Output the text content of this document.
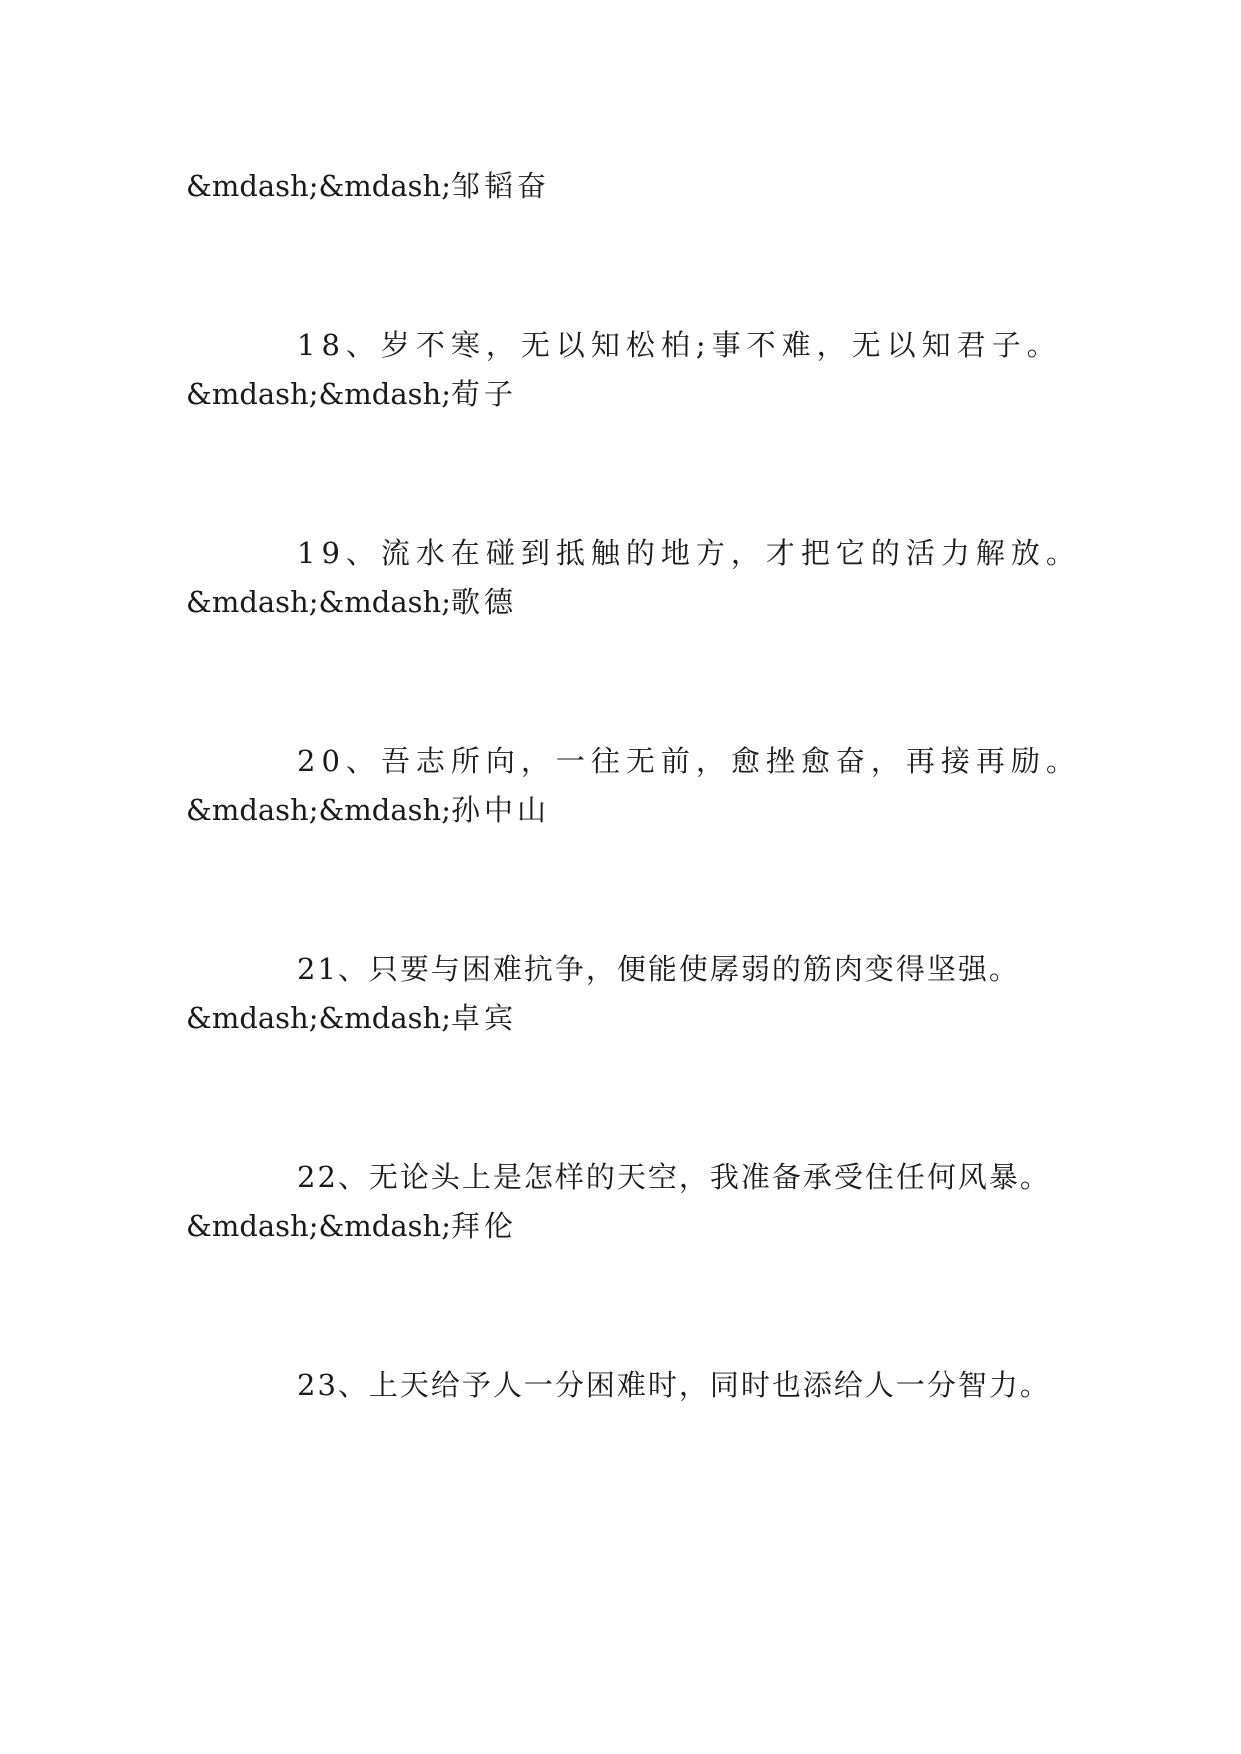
&mdash;&mdash;邹韬奋
18、岁不寒，无以知松柏;事不难，无以知君子。
&mdash;&mdash;荀子
19、流水在碰到抵触的地方，才把它的活力解放。
&mdash;&mdash;歌德
20、吾志所向，一往无前，愈挫愈奋，再接再励。
&mdash;&mdash;孙中山
21、只要与困难抗争，便能使孱弱的筋肉变得坚强。
&mdash;&mdash;卓宾
22、无论头上是怎样的天空，我准备承受住任何风暴。
&mdash;&mdash;拜伦
23、上天给予人一分困难时，同时也添给人一分智力。
